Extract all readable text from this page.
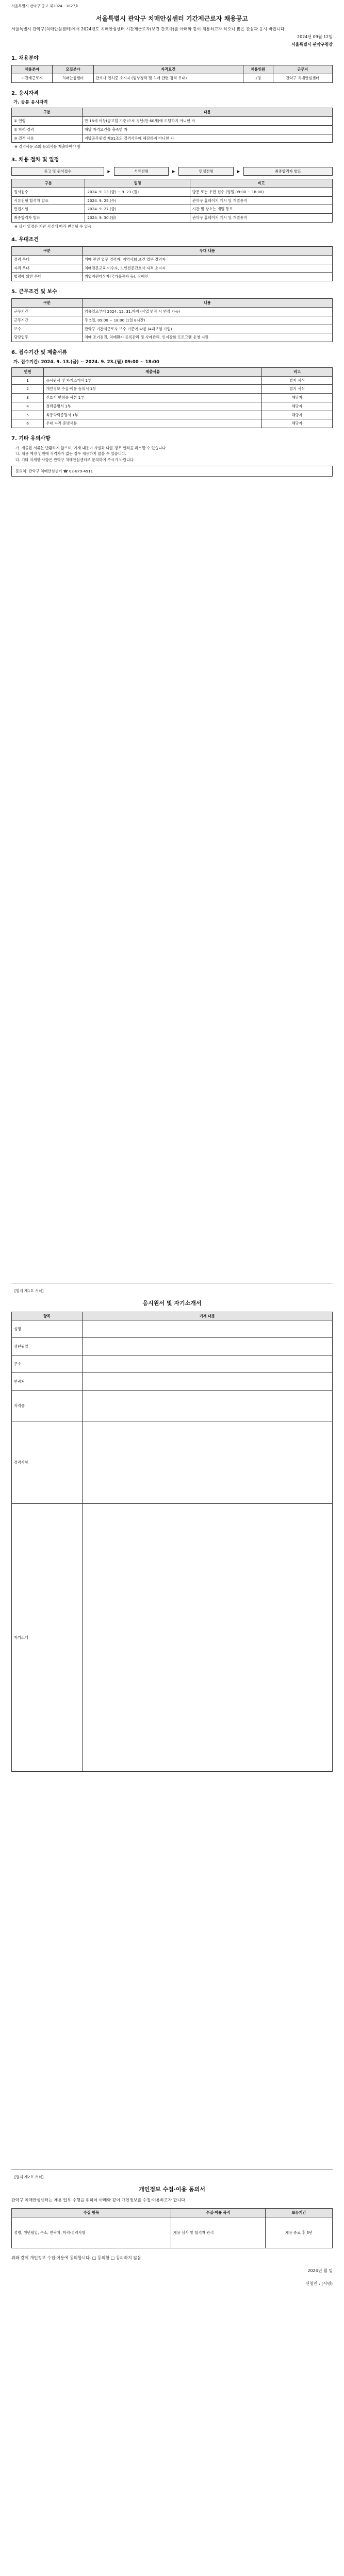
서울특별시 관악구 공고 제2024 - 1827호
서울특별시 관악구 치매안심센터 기간제근로자 채용공고
서울특별시 관악구(치매안심센터)에서 2024년도 치매안심센터 시간제근로자(보건 간호사)를 아래와 같이 채용하고자 하오니 많은 관심과 응시 바랍니다.
2024년 09월 12일
서울특별시 관악구청장
1. 채용분야
채용분야	모집분야	자격요건	채용인원	근무지
기간제근로자	치매안심센터	간호사 면허증 소지자 (임상경력 및 치매 관련 경력 우대)	1명	관악구 치매안심센터
2. 응시자격
가. 공통 응시자격
구분	내용
① 연령	만 18세 이상(공고일 기준)으로 정년(만 60세)에 도달하지 아니한 자
② 학력·경력	해당 자격요건을 충족한 자
③ 결격 사유	지방공무원법 제31조의 결격사유에 해당하지 아니한 자
※ 결격사유 조회 동의서를 제출하여야 함
3. 채용 절차 및 일정
공고 및 원서접수	▶	서류전형	▶	면접전형	▶	최종합격자 발표
구분	일정	비고
원서접수	2024. 9. 13.(금) ~ 9. 23.(월)	방문 또는 우편 접수 (평일 09:00 ~ 18:00)
서류전형 합격자 발표	2024. 9. 25.(수)	관악구 홈페이지 게시 및 개별통지
면접시험	2024. 9. 27.(금)	시간 및 장소는 개별 통보
최종합격자 발표	2024. 9. 30.(월)	관악구 홈페이지 게시 및 개별통지
※ 상기 일정은 기관 사정에 따라 변경될 수 있음
4. 우대조건
구분	우대 내용
경력 우대	치매 관련 업무 경력자, 지역사회 보건 업무 경력자
자격 우대	치매전문교육 이수자, 노인전문간호사 자격 소지자
법령에 의한 우대	취업지원대상자(국가유공자 등), 장애인
5. 근무조건 및 보수
구분	내용
근무기간	임용일로부터 2024. 12. 31.까지 (사업 연장 시 연장 가능)
근무시간	주 5일, 09:00 ~ 18:00 (1일 8시간)
보수	관악구 기간제근로자 보수 기준에 따름 (4대보험 가입)
담당업무	치매 조기검진, 치매환자 등록관리 및 사례관리, 인지강화 프로그램 운영 지원
6. 접수기간 및 제출서류
가. 접수기간: 2024. 9. 13.(금) ~ 2024. 9. 23.(월) 09:00 ~ 18:00
연번	제출서류	비고
1	응시원서 및 자기소개서 1부	별지 서식
2	개인정보 수집·이용 동의서 1부	별지 서식
3	간호사 면허증 사본 1부	해당자
4	경력증명서 1부	해당자
5	최종학력증명서 1부	해당자
6	우대 자격 증빙서류	해당자
7. 기타 유의사항
가. 제출된 서류는 반환하지 않으며, 기재 내용이 사실과 다를 경우 합격을 취소할 수 있습니다.
나. 채용 예정 인원에 적격자가 없는 경우 채용하지 않을 수 있습니다.
다. 기타 자세한 사항은 관악구 치매안심센터로 문의하여 주시기 바랍니다.
문의처: 관악구 치매안심센터 ☎ 02-879-4911
[별지 제1호 서식]
응시원서 및 자기소개서
항목	기재 내용
성명	
생년월일	
주소	
연락처	
자격증	
경력사항	
자기소개	
[별지 제2호 서식]
개인정보 수집·이용 동의서
관악구 치매안심센터는 채용 업무 수행을 위하여 아래와 같이 개인정보를 수집·이용하고자 합니다.
수집 항목	수집·이용 목적	보유기간
성명, 생년월일, 주소, 연락처, 학력·경력사항	채용 심사 및 합격자 관리	채용 종료 후 3년
위와 같이 개인정보 수집·이용에 동의합니다. □ 동의함 □ 동의하지 않음
2024년 월 일
신청인 : (서명)
